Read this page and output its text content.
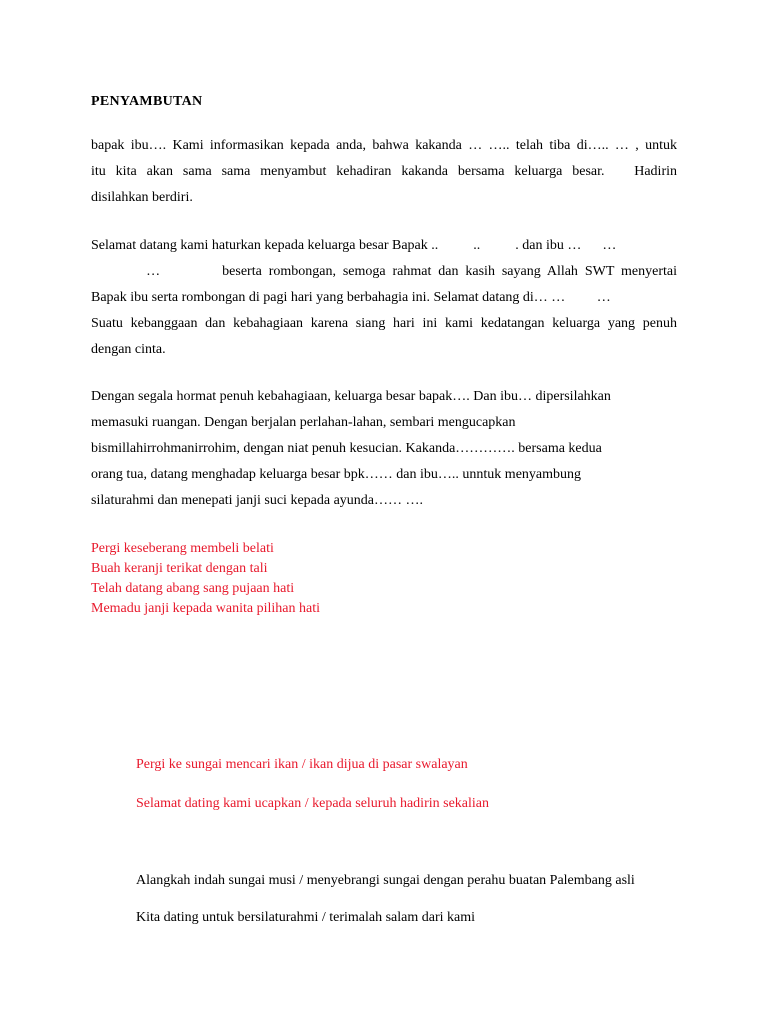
PENYAMBUTAN
bapak ibu…. Kami informasikan kepada anda, bahwa kakanda … ….. telah tiba di….. … , untuk
itu kita akan sama sama menyambut kehadiran kakanda bersama keluarga besar.   Hadirin
disilahkan berdiri.
Selamat datang kami haturkan kepada keluarga besar Bapak ..          ..          . dan ibu …      …
…         beserta rombongan, semoga rahmat dan kasih sayang Allah SWT menyertai
Bapak ibu serta rombongan di pagi hari yang berbahagia ini. Selamat datang di… …         …
Suatu kebanggaan dan kebahagiaan karena siang hari ini kami kedatangan keluarga yang penuh
dengan cinta.
Dengan segala hormat penuh kebahagiaan, keluarga besar bapak…. Dan ibu… dipersilahkan
memasuki ruangan. Dengan berjalan perlahan-lahan, sembari mengucapkan
bismillahirrohmanirrohim, dengan niat penuh kesucian. Kakanda…………. bersama kedua
orang tua, datang menghadap keluarga besar bpk…… dan ibu….. unntuk menyambung
silaturahmi dan menepati janji suci kepada ayunda…… ….
Pergi keseberang membeli belati
Buah keranji terikat dengan tali
Telah datang abang sang pujaan hati
Memadu janji kepada wanita pilihan hati
Pergi ke sungai mencari ikan / ikan dijua di pasar swalayan
Selamat dating kami ucapkan / kepada seluruh hadirin sekalian
Alangkah indah sungai musi / menyebrangi sungai dengan perahu buatan Palembang asli
Kita dating untuk bersilaturahmi / terimalah salam dari kami
